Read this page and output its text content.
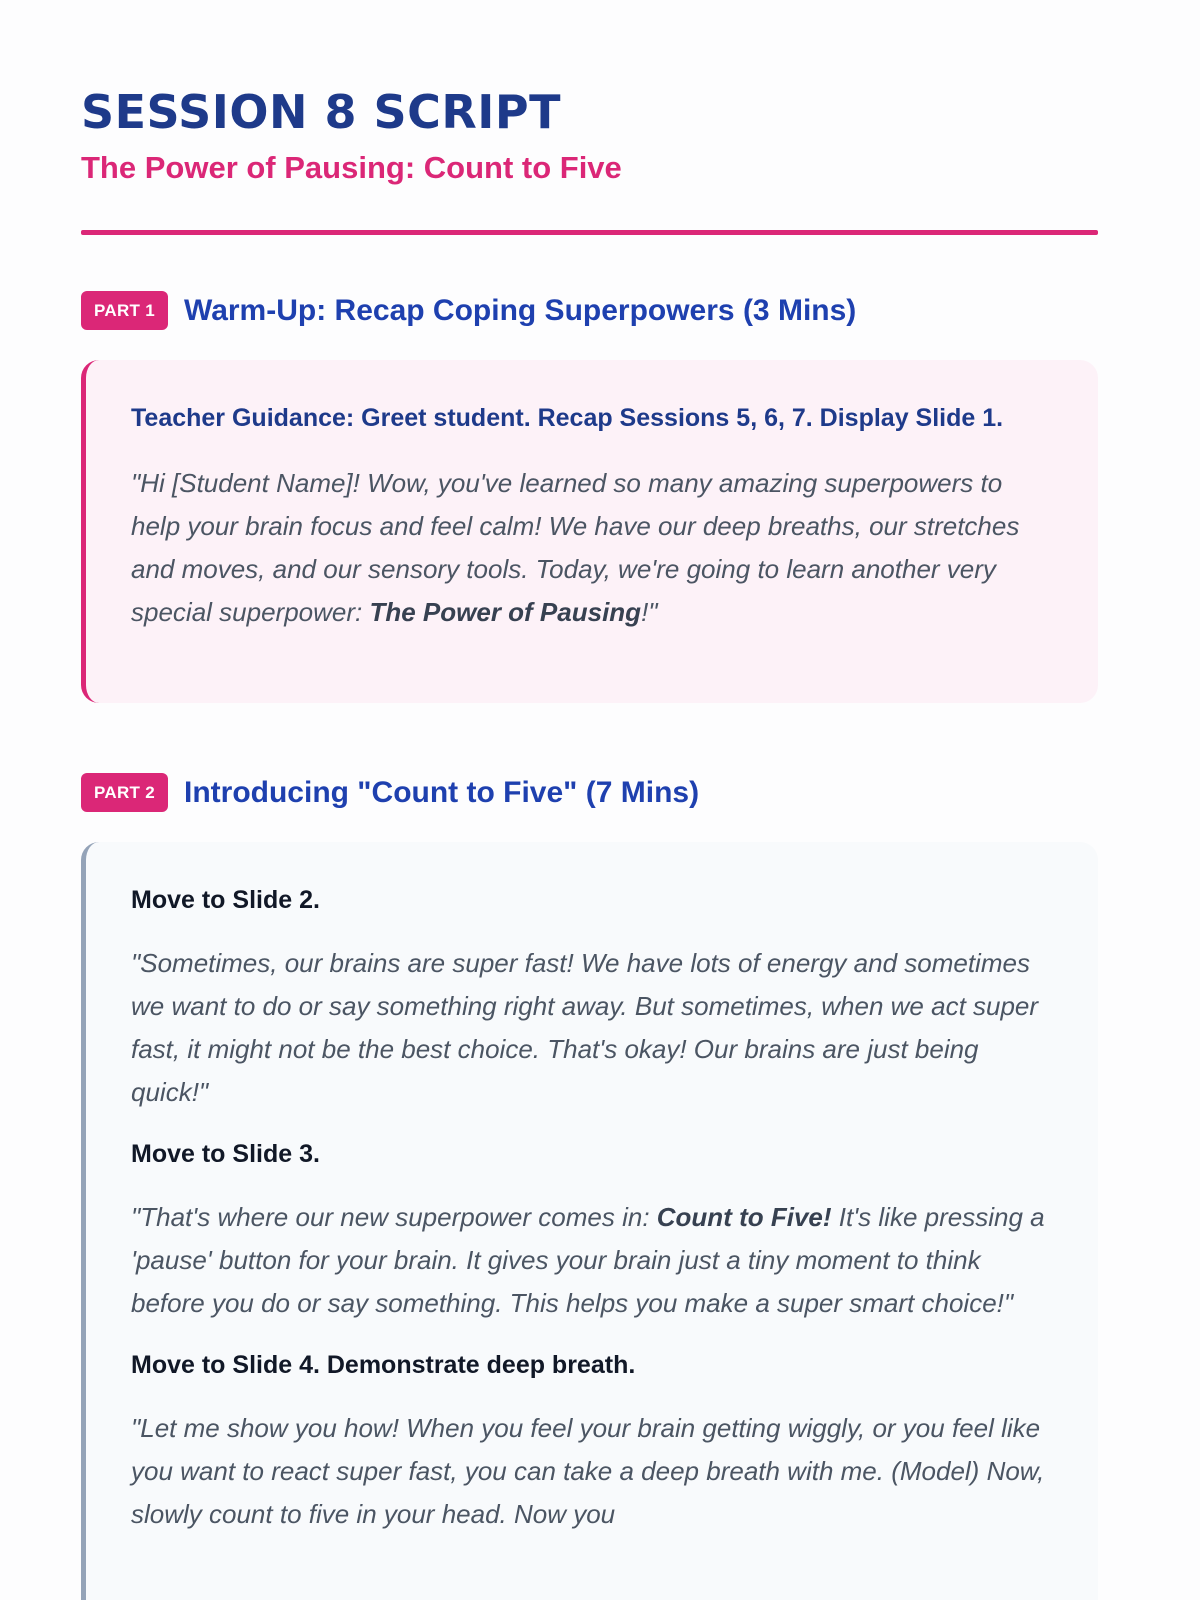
SESSION 8 SCRIPT
The Power of Pausing: Count to Five
PART 1 Warm-Up: Recap Coping Superpowers (3 Mins)

Teacher Guidance: Greet student. Recap Sessions 5, 6, 7. Display Slide 1.

"Hi [Student Name]! Wow, you've learned so many amazing superpowers to help your brain focus and feel calm! We have our deep breaths, our stretches and moves, and our sensory tools. Today, we're going to learn another very special superpower: The Power of Pausing!"

PART 2 Introducing "Count to Five" (7 Mins)

Move to Slide 2.

"Sometimes, our brains are super fast! We have lots of energy and sometimes we want to do or say something right away. But sometimes, when we act super fast, it might not be the best choice. That's okay! Our brains are just being quick!"

Move to Slide 3.

"That's where our new superpower comes in: Count to Five! It's like pressing a 'pause' button for your brain. It gives your brain just a tiny moment to think before you do or say something. This helps you make a super smart choice!"

Move to Slide 4. Demonstrate deep breath.

"Let me show you how! When you feel your brain getting wiggly, or you feel like you want to react super fast, you can take a deep breath with me. (Model) Now, slowly count to five in your head. Now you
